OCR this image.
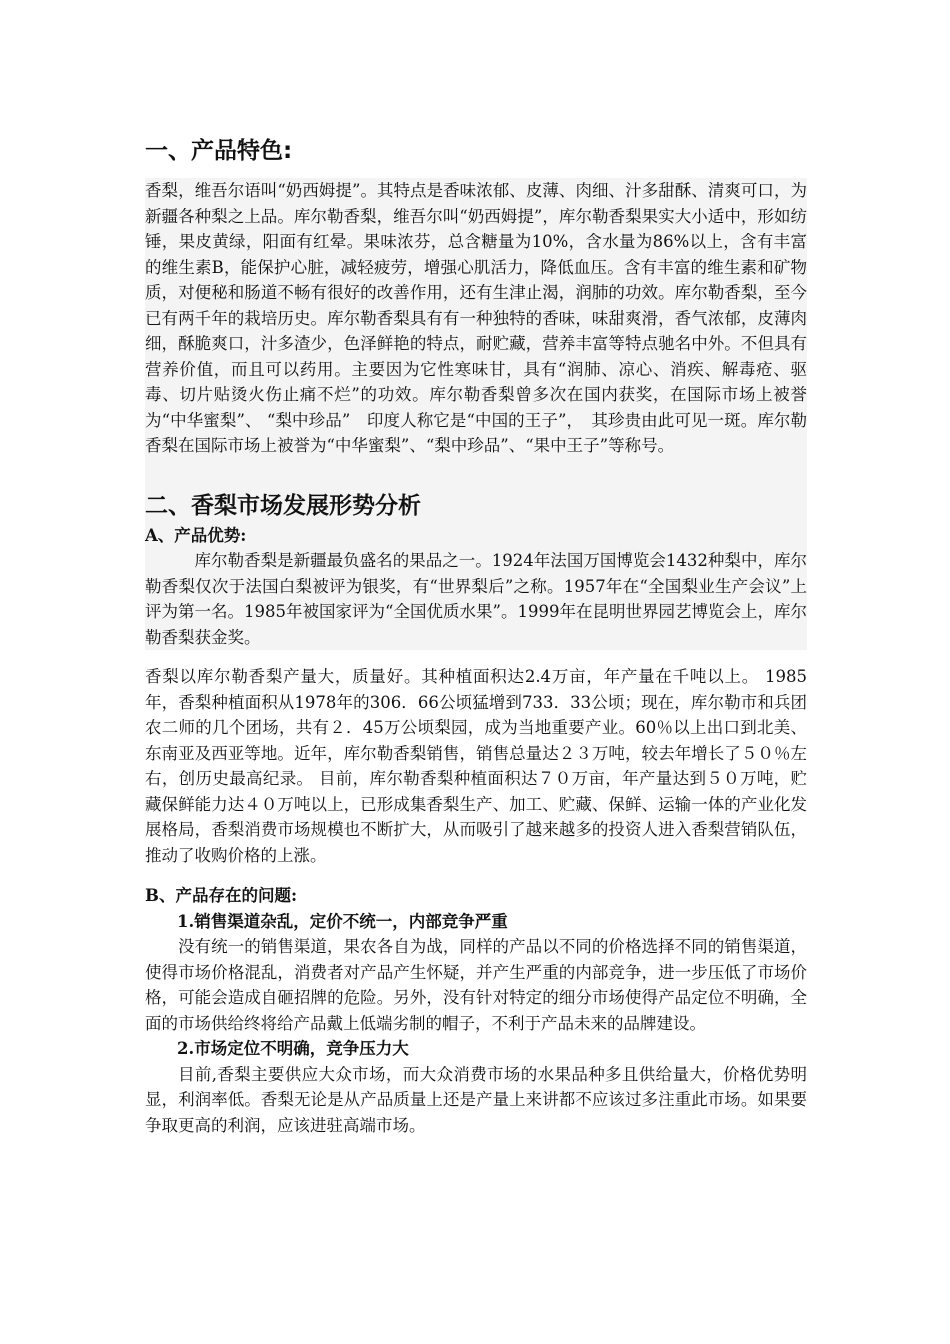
一、产品特色:

香梨，维吾尔语叫“奶西姆提”。其特点是香味浓郁、皮薄、肉细、汁多甜酥、清爽可口，为新疆各种梨之上品。库尔勒香梨，维吾尔叫“奶西姆提”，库尔勒香梨果实大小适中，形如纺锤，果皮黄绿，阳面有红晕。果味浓芬，总含糖量为10%，含水量为86%以上，含有丰富的维生素B，能保护心脏，减轻疲劳，增强心肌活力，降低血压。含有丰富的维生素和矿物质，对便秘和肠道不畅有很好的改善作用，还有生津止渴，润肺的功效。库尔勒香梨，至今已有两千年的栽培历史。库尔勒香梨具有有一种独特的香味，味甜爽滑，香气浓郁，皮薄肉细，酥脆爽口，汁多渣少，色泽鲜艳的特点，耐贮藏，营养丰富等特点驰名中外。不但具有营养价值，而且可以药用。主要因为它性寒味甘，具有“润肺、凉心、消疾、解毒疮、驱毒、切片贴烫火伤止痛不烂”的功效。库尔勒香梨曾多次在国内获奖，在国际市场上被誉为“中华蜜梨”、 “梨中珍品”　印度人称它是“中国的王子”，　其珍贵由此可见一斑。库尔勒香梨在国际市场上被誉为“中华蜜梨”、“梨中珍品”、“果中王子”等称号。

二、香梨市场发展形势分析
A、产品优势:

库尔勒香梨是新疆最负盛名的果品之一。1924年法国万国博览会1432种梨中，库尔勒香梨仅次于法国白梨被评为银奖，有“世界梨后”之称。1957年在“全国梨业生产会议”上评为第一名。1985年被国家评为“全国优质水果”。1999年在昆明世界园艺博览会上，库尔勒香梨获金奖。

香梨以库尔勒香梨产量大，质量好。其种植面积达2.4万亩，年产量在千吨以上。 1985年，香梨种植面积从1978年的306．66公顷猛增到733．33公顷；现在，库尔勒市和兵团农二师的几个团场，共有２．45万公顷梨园，成为当地重要产业。60％以上出口到北美、东南亚及西亚等地。近年，库尔勒香梨销售，销售总量达２３万吨，较去年增长了５０％左右，创历史最高纪录。 目前，库尔勒香梨种植面积达７０万亩，年产量达到５０万吨，贮藏保鲜能力达４０万吨以上，已形成集香梨生产、加工、贮藏、保鲜、运输一体的产业化发展格局，香梨消费市场规模也不断扩大，从而吸引了越来越多的投资人进入香梨营销队伍，推动了收购价格的上涨。

B、产品存在的问题:
1.销售渠道杂乱，定价不统一，内部竞争严重

没有统一的销售渠道，果农各自为战，同样的产品以不同的价格选择不同的销售渠道，使得市场价格混乱，消费者对产品产生怀疑，并产生严重的内部竞争，进一步压低了市场价格，可能会造成自砸招牌的危险。另外，没有针对特定的细分市场使得产品定位不明确，全面的市场供给终将给产品戴上低端劣制的帽子，不利于产品未来的品牌建设。

2.市场定位不明确，竞争压力大

目前,香梨主要供应大众市场，而大众消费市场的水果品种多且供给量大，价格优势明显，利润率低。香梨无论是从产品质量上还是产量上来讲都不应该过多注重此市场。如果要争取更高的利润，应该进驻高端市场。
